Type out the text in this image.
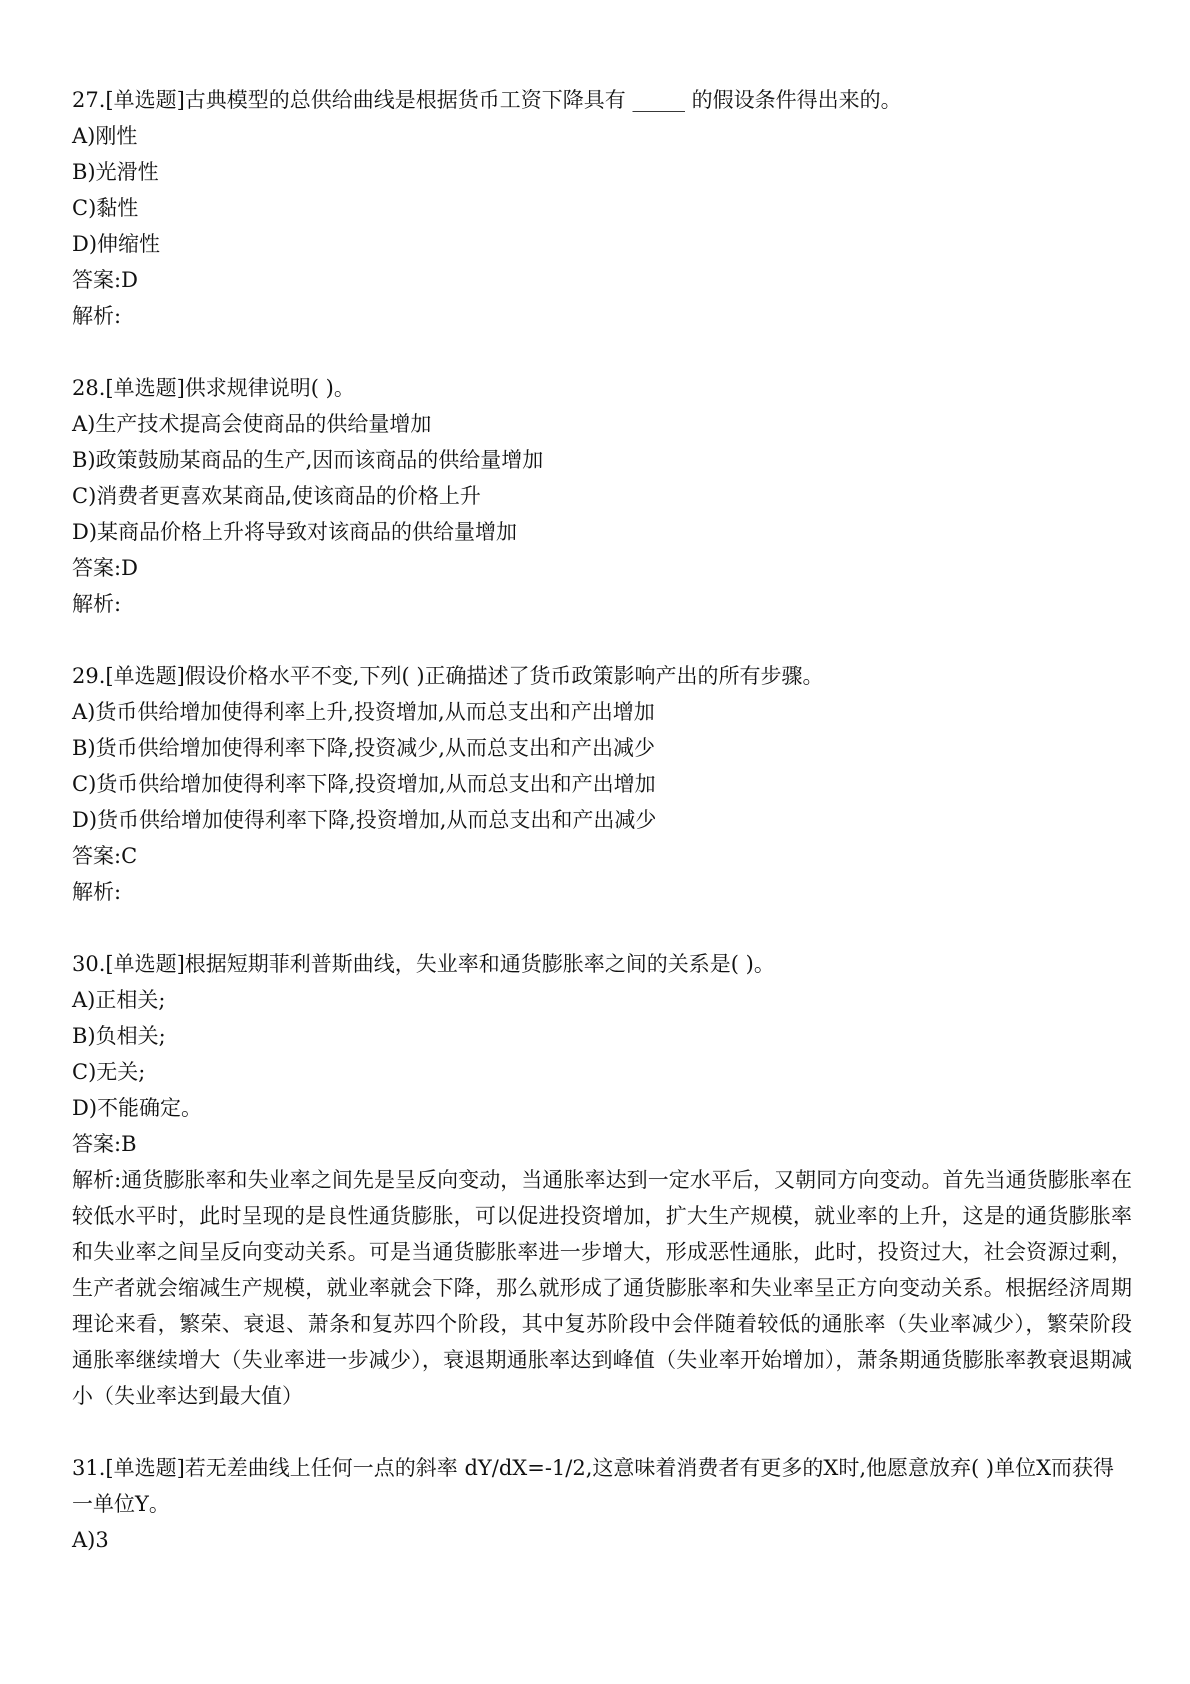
27.[单选题]古典模型的总供给曲线是根据货币工资下降具有 _____ 的假设条件得出来的。
A)刚性
B)光滑性
C)黏性
D)伸缩性
答案:D
解析:
28.[单选题]供求规律说明( )。
A)生产技术提高会使商品的供给量增加
B)政策鼓励某商品的生产,因而该商品的供给量增加
C)消费者更喜欢某商品,使该商品的价格上升
D)某商品价格上升将导致对该商品的供给量增加
答案:D
解析:
29.[单选题]假设价格水平不变,下列( )正确描述了货币政策影响产出的所有步骤。
A)货币供给增加使得利率上升,投资增加,从而总支出和产出增加
B)货币供给增加使得利率下降,投资减少,从而总支出和产出减少
C)货币供给增加使得利率下降,投资增加,从而总支出和产出增加
D)货币供给增加使得利率下降,投资增加,从而总支出和产出减少
答案:C
解析:
30.[单选题]根据短期菲利普斯曲线，失业率和通货膨胀率之间的关系是( )。
A)正相关;
B)负相关;
C)无关;
D)不能确定。
答案:B
解析:通货膨胀率和失业率之间先是呈反向变动，当通胀率达到一定水平后，又朝同方向变动。首先当通货膨胀率在较低水平时，此时呈现的是良性通货膨胀，可以促进投资增加，扩大生产规模，就业率的上升，这是的通货膨胀率和失业率之间呈反向变动关系。可是当通货膨胀率进一步增大，形成恶性通胀，此时，投资过大，社会资源过剩，生产者就会缩减生产规模，就业率就会下降，那么就形成了通货膨胀率和失业率呈正方向变动关系。根据经济周期理论来看，繁荣、衰退、萧条和复苏四个阶段，其中复苏阶段中会伴随着较低的通胀率（失业率减少），繁荣阶段通胀率继续增大（失业率进一步减少），衰退期通胀率达到峰值（失业率开始增加），萧条期通货膨胀率教衰退期减小（失业率达到最大值）
31.[单选题]若无差曲线上任何一点的斜率 dY/dX=-1/2,这意味着消费者有更多的X时,他愿意放弃( )单位X而获得一单位Y。
A)3
